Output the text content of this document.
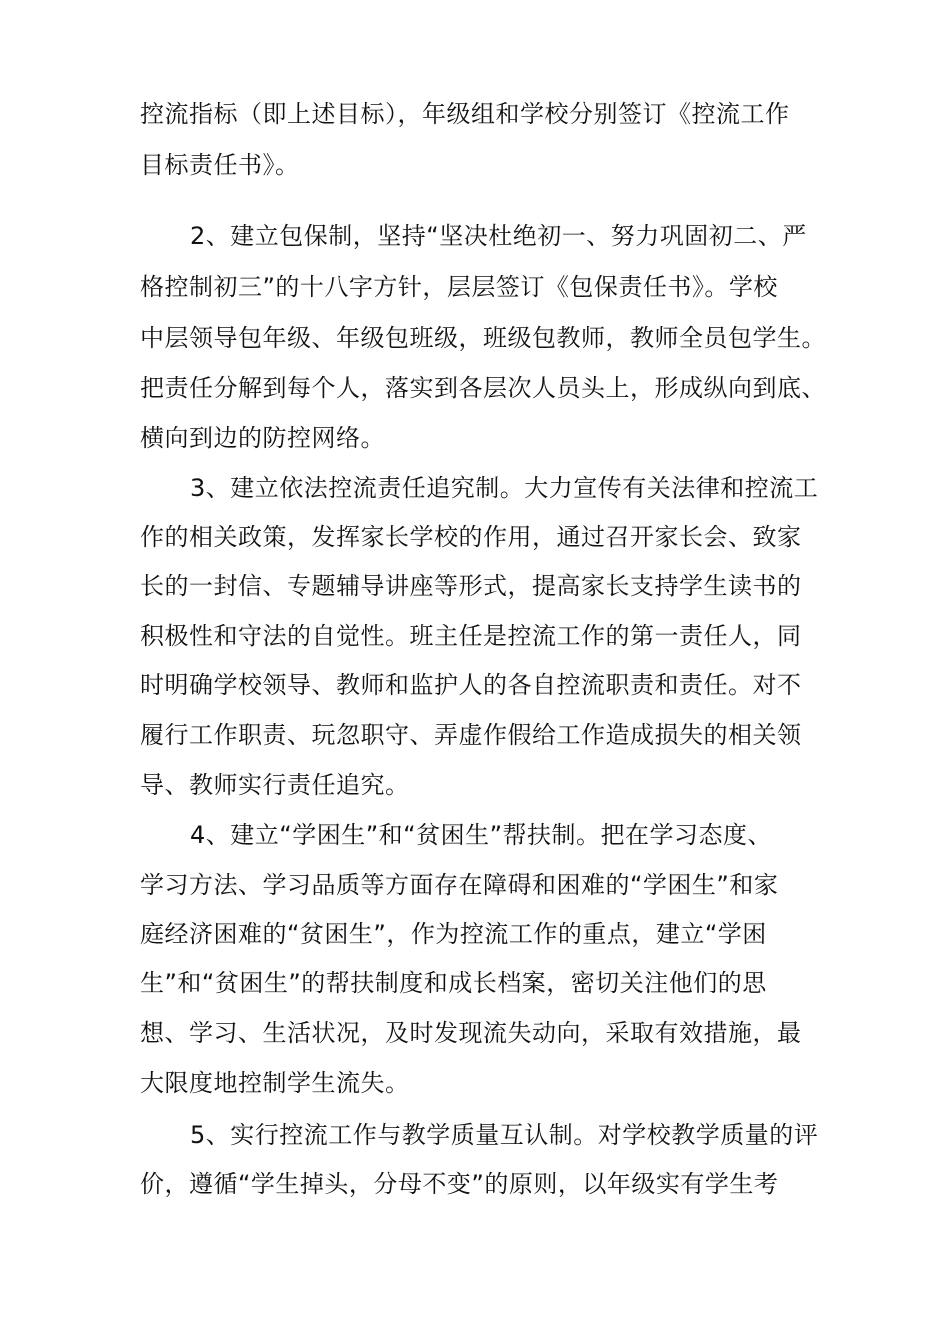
控流指标（即上述目标），年级组和学校分别签订《控流工作
目标责任书》。
2、建立包保制，坚持“坚决杜绝初一、努力巩固初二、严
格控制初三”的十八字方针，层层签订《包保责任书》。学校
中层领导包年级、年级包班级，班级包教师，教师全员包学生。
把责任分解到每个人，落实到各层次人员头上，形成纵向到底、
横向到边的防控网络。
3、建立依法控流责任追究制。大力宣传有关法律和控流工
作的相关政策，发挥家长学校的作用，通过召开家长会、致家
长的一封信、专题辅导讲座等形式，提高家长支持学生读书的
积极性和守法的自觉性。班主任是控流工作的第一责任人，同
时明确学校领导、教师和监护人的各自控流职责和责任。对不
履行工作职责、玩忽职守、弄虚作假给工作造成损失的相关领
导、教师实行责任追究。
4、建立“学困生”和“贫困生”帮扶制。把在学习态度、
学习方法、学习品质等方面存在障碍和困难的“学困生”和家
庭经济困难的“贫困生”，作为控流工作的重点，建立“学困
生”和“贫困生”的帮扶制度和成长档案，密切关注他们的思
想、学习、生活状况，及时发现流失动向，采取有效措施，最
大限度地控制学生流失。
5、实行控流工作与教学质量互认制。对学校教学质量的评
价，遵循“学生掉头，分母不变”的原则，以年级实有学生考
